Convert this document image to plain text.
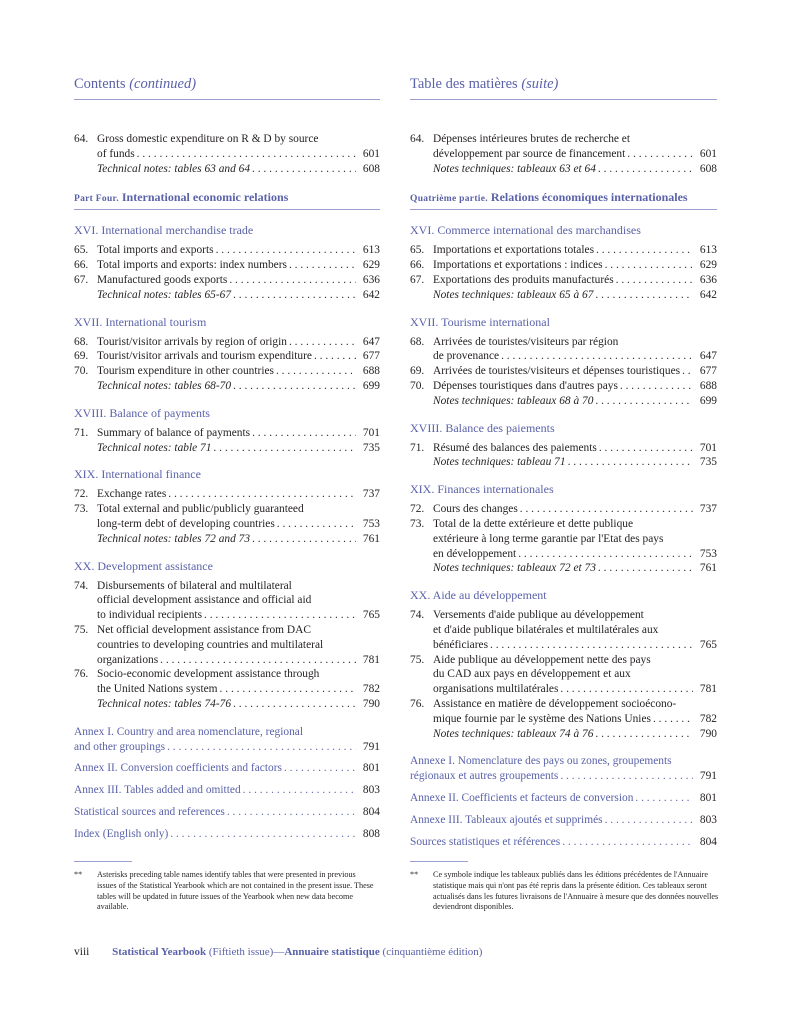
Contents (continued)
64. Gross domestic expenditure on R & D by source
of funds . . .	601
Technical notes: tables 63 and 64 . . .	608
Part Four. International economic relations
XVI. International merchandise trade
65. Total imports and exports . . .	613
66. Total imports and exports: index numbers . . .	629
67. Manufactured goods exports . . .	636
Technical notes: tables 65-67 . . .	642
XVII. International tourism
68. Tourist/visitor arrivals by region of origin . . .	647
69. Tourist/visitor arrivals and tourism expenditure . . .	677
70. Tourism expenditure in other countries . . .	688
Technical notes: tables 68-70 . . .	699
XVIII. Balance of payments
71. Summary of balance of payments . . .	701
Technical notes: table 71 . . .	735
XIX. International finance
72. Exchange rates . . .	737
73. Total external and public/publicly guaranteed
long-term debt of developing countries . . .	753
Technical notes: tables 72 and 73 . . .	761
XX. Development assistance
74. Disbursements of bilateral and multilateral
official development assistance and official aid
to individual recipients . . .	765
75. Net official development assistance from DAC
countries to developing countries and multilateral
organizations . . .	781
76. Socio-economic development assistance through
the United Nations system . . .	782
Technical notes: tables 74-76 . . .	790
Annex I. Country and area nomenclature, regional
and other groupings . . .	791
Annex II. Conversion coefficients and factors . . .	801
Annex III. Tables added and omitted . . .	803
Statistical sources and references . . .	804
Index (English only) . . .	808
Table des matières (suite)
64. Dépenses intérieures brutes de recherche et
développement par source de financement . . .	601
Notes techniques: tableaux 63 et 64 . . .	608
Quatrième partie. Relations économiques internationales
XVI. Commerce international des marchandises
65. Importations et exportations totales . . .	613
66. Importations et exportations : indices . . .	629
67. Exportations des produits manufacturés . . .	636
Notes techniques: tableaux 65 à 67 . . .	642
XVII. Tourisme international
68. Arrivées de touristes/visiteurs par région
de provenance . . .	647
69. Arrivées de touristes/visiteurs et dépenses touristiques . . .	677
70. Dépenses touristiques dans d'autres pays . . .	688
Notes techniques: tableaux 68 à 70 . . .	699
XVIII. Balance des paiements
71. Résumé des balances des paiements . . .	701
Notes techniques: tableau 71 . . .	735
XIX. Finances internationales
72. Cours des changes . . .	737
73. Total de la dette extérieure et dette publique
extérieure à long terme garantie par l'Etat des pays
en développement . . .	753
Notes techniques: tableaux 72 et 73 . . .	761
XX. Aide au développement
74. Versements d'aide publique au développement
et d'aide publique bilatérales et multilatérales aux
bénéficiares . . .	765
75. Aide publique au développement nette des pays
du CAD aux pays en développement et aux
organisations multilatérales . . .	781
76. Assistance en matière de développement socioécono-
mique fournie par le système des Nations Unies . . .	782
Notes techniques: tableaux 74 à 76 . . .	790
Annexe I. Nomenclature des pays ou zones, groupements
régionaux et autres groupements . . .	791
Annexe II. Coefficients et facteurs de conversion . . .	801
Annexe III. Tableaux ajoutés et supprimés . . .	803
Sources statistiques et références . . .	804
**	Asterisks preceding table names identify tables that were presented in previous issues of the Statistical Yearbook which are not contained in the present issue. These tables will be updated in future issues of the Yearbook when new data become available.
**	Ce symbole indique les tableaux publiés dans les éditions précédentes de l'Annuaire statistique mais qui n'ont pas été repris dans la présente édition. Ces tableaux seront actualisés dans les futures livraisons de l'Annuaire à mesure que des données nouvelles deviendront disponibles.
viii Statistical Yearbook (Fiftieth issue)—Annuaire statistique (cinquantième édition)
